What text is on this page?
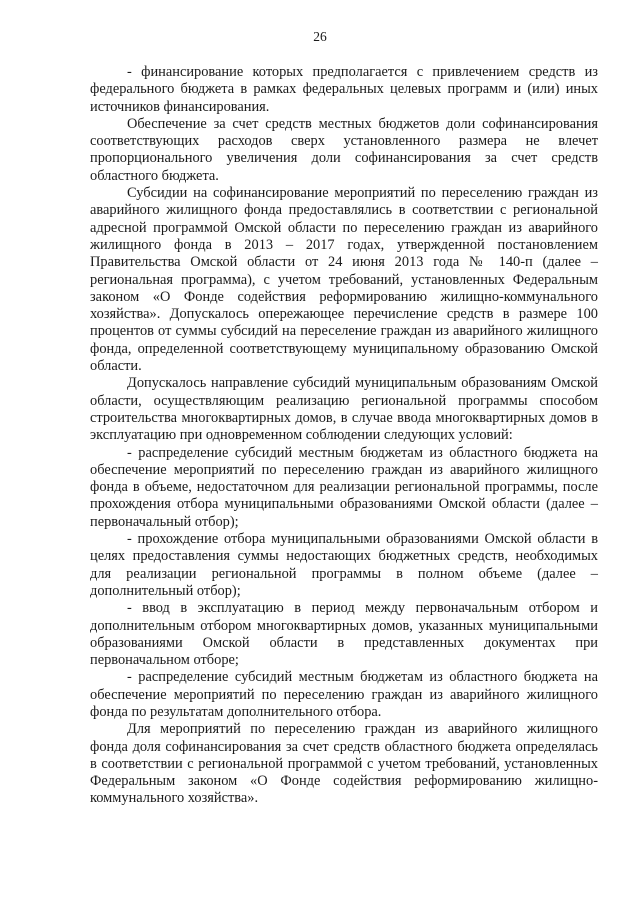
26

- финансирование которых предполагается с привлечением средств из федерального бюджета в рамках федеральных целевых программ и (или) иных источников финансирования.

Обеспечение за счет средств местных бюджетов доли софинансирования соответствующих расходов сверх установленного размера не влечет пропорционального увеличения доли софинансирования за счет средств областного бюджета.

Субсидии на софинансирование мероприятий по переселению граждан из аварийного жилищного фонда предоставлялись в соответствии с региональной адресной программой Омской области по переселению граждан из аварийного жилищного фонда в 2013 – 2017 годах, утвержденной постановлением Правительства Омской области от 24 июня 2013 года № 140-п (далее – региональная программа), с учетом требований, установленных Федеральным законом «О Фонде содействия реформированию жилищно-коммунального хозяйства». Допускалось опережающее перечисление средств в размере 100 процентов от суммы субсидий на переселение граждан из аварийного жилищного фонда, определенной соответствующему муниципальному образованию Омской области.

Допускалось направление субсидий муниципальным образованиям Омской области, осуществляющим реализацию региональной программы способом строительства многоквартирных домов, в случае ввода многоквартирных домов в эксплуатацию при одновременном соблюдении следующих условий:

- распределение субсидий местным бюджетам из областного бюджета на обеспечение мероприятий по переселению граждан из аварийного жилищного фонда в объеме, недостаточном для реализации региональной программы, после прохождения отбора муниципальными образованиями Омской области (далее – первоначальный отбор);

- прохождение отбора муниципальными образованиями Омской области в целях предоставления суммы недостающих бюджетных средств, необходимых для реализации региональной программы в полном объеме (далее – дополнительный отбор);

- ввод в эксплуатацию в период между первоначальным отбором и дополнительным отбором многоквартирных домов, указанных муниципальными образованиями Омской области в представленных документах при первоначальном отборе;

- распределение субсидий местным бюджетам из областного бюджета на обеспечение мероприятий по переселению граждан из аварийного жилищного фонда по результатам дополнительного отбора.

Для мероприятий по переселению граждан из аварийного жилищного фонда доля софинансирования за счет средств областного бюджета определялась в соответствии с региональной программой с учетом требований, установленных Федеральным законом «О Фонде содействия реформированию жилищно-коммунального хозяйства».
